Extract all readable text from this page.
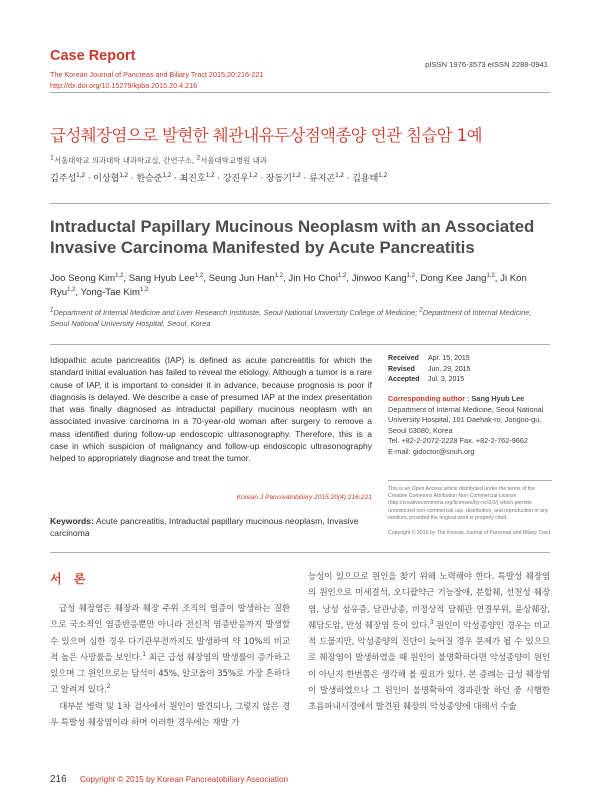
Case Report
The Korean Journal of Pancreas and Biliary Tract 2015;20:216-221
http://dx.doi.org/10.15279/kpba.2015.20.4.216
pISSN 1976-3573 eISSN 2288-0941
급성췌장염으로 발현한 췌관내유두상점액종양 연관 침습암 1예
$^1$서울대학교 의과대학 내과학교실, 간연구소, $^2$서울대학교병원 내과
김주성$^{1,2}$ · 이상협$^{1,2}$ · 한승준$^{1,2}$ · 최진호$^{1,2}$ · 강진우$^{1,2}$ · 장동기$^{1,2}$ · 류지곤$^{1,2}$ · 김용태$^{1,2}$
Intraductal Papillary Mucinous Neoplasm with an Associated Invasive Carcinoma Manifested by Acute Pancreatitis
Joo Seong Kim$^{1,2}$, Sang Hyub Lee$^{1,2}$, Seung Jun Han$^{1,2}$, Jin Ho Choi$^{1,2}$, Jinwoo Kang$^{1,2}$, Dong Kee Jang$^{1,2}$, Ji Kon Ryu$^{1,2}$, Yong-Tae Kim$^{1,2}$
$^1$Department of Internal Medicine and Liver Research Instituste, Seoul National University College of Medicine; $^2$Department of Internal Medicine, Seoul National University Hospital, Seoul, Korea
Idiopathic acute pancreatitis (IAP) is defined as acute pancreatitis for which the standard initial evaluation has failed to reveal the etiology. Although a tumor is a rare cause of IAP, it is important to consider it in advance, because prognosis is poor if diagnosis is delayed. We describe a case of presumed IAP at the index presentation that was finally diagnosed as intraductal papillary mucinous neoplasm with an associated invasive carcinoma in a 70-year-old woman after surgery to remove a mass identified during follow-up endoscopic ultrasonography. Therefore, this is a case in which suspicion of malignancy and follow-up endoscopic ultrasonography helped to appropriately diagnose and treat the tumor.
Korean J Pancreatobiliary 2015;20(4):216-221
Keywords: Acute pancreatitis, Intraductal papillary mucinous neoplasm, Invasive carcinoma
Received Apr. 15, 2015
Revised Jun. 29, 2015
Accepted Jul. 3, 2015
Corresponding author : Sang Hyub Lee
Department of Internal Medicine, Seoul National University Hospital, 101 Daehak-ro, Jongno-gu, Seoul 03080, Korea
Tel. +82-2-2072-2228 Fax. +82-2-762-9662
E-mail: gidoctor@snuh.org
This is an Open Access article distributed under the terms of the Creative Commons Attribution Non-Commercial License (http://creativecommons.org/licenses/by-nc/3.0/) which permits unrestricted non-commercial use, distribution, and reproduction in any medium, provided the original work is properly cited.
Copyright © 2015 by The Korean Journal of Pancreas and Biliary Tract
서 론

급성 췌장염은 췌장과 췌장 주위 조직의 염증이 발생하는 질환으로 국소적인 염증반응뿐만 아니라 전신적 염증반응까지 발생할 수 있으며 심한 경우 다기관부전까지도 발생하여 약 10%의 비교적 높은 사망률을 보인다.$^1$ 최근 급성 췌장염의 발생률이 증가하고 있으며 그 원인으로는 담석이 45%, 알코올이 35%로 가장 흔하다고 알려져 있다.$^2$

대부분 병력 및 1차 검사에서 원인이 발견되나, 그렇지 않은 경우 특발성 췌장염이라 하며 이러한 경우에는 재발 가

능성이 있으므로 원인을 찾기 위해 노력해야 한다. 특발성 췌장염의 원인으로 미세결석, 오디괄약근 기능장애, 분할췌, 선천성 췌장염, 낭성 섬유증, 담관낭종, 비정상적 담췌관 연결부위, 윤상췌장, 췌담도암, 만성 췌장염 등이 있다.$^3$ 원인이 악성종양인 경우는 비교적 드물지만, 악성종양의 진단이 늦어질 경우 문제가 될 수 있으므로 췌장염이 발생하였을 때 원인이 불명확하다면 악성종양이 원인이 아닌지 한번쯤은 생각해 볼 필요가 있다. 본 증례는 급성 췌장염이 발생하였으나 그 원인이 불명확하여 경과관찰 하던 중 시행한 초음파내시경에서 발견된 췌장의 악성종양에 대해서 수술

216 Copyright © 2015 by Korean Pancreatobiliary Association
